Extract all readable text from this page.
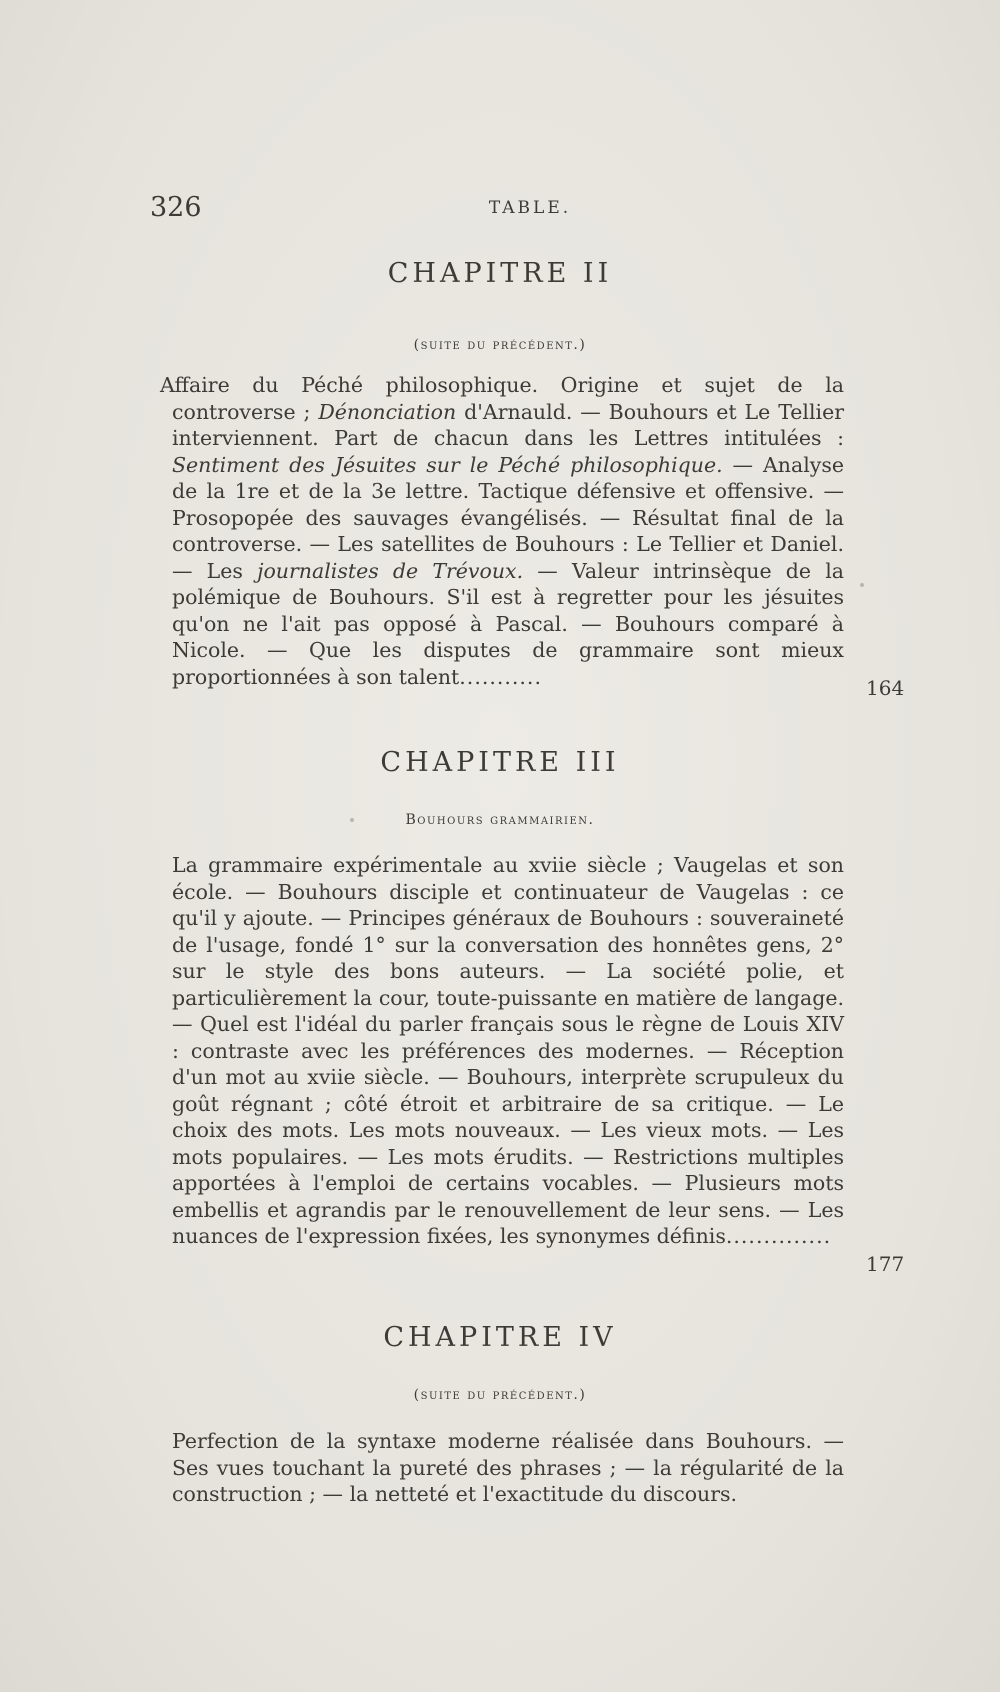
326	TABLE.
CHAPITRE II
(suite du précédent.)

Affaire du Péché philosophique. Origine et sujet de la controverse ; Dénonciation d'Arnauld. — Bouhours et Le Tellier interviennent. Part de chacun dans les Lettres intitulées : Sentiment des Jésuites sur le Péché philosophique. — Analyse de la 1re et de la 3e lettre. Tactique défensive et offensive. — Prosopopée des sauvages évangélisés. — Résultat final de la controverse. — Les satellites de Bouhours : Le Tellier et Daniel. — Les journalistes de Trévoux. — Valeur intrinsèque de la polémique de Bouhours. S'il est à regretter pour les jésuites qu'on ne l'ait pas opposé à Pascal. — Bouhours comparé à Nicole. — Que les disputes de grammaire sont mieux proportionnées à son talent...........	164
CHAPITRE III
Bouhours grammairien.

La grammaire expérimentale au xviie siècle ; Vaugelas et son école. — Bouhours disciple et continuateur de Vaugelas : ce qu'il y ajoute. — Principes généraux de Bouhours : souveraineté de l'usage, fondé 1° sur la conversation des honnêtes gens, 2° sur le style des bons auteurs. — La société polie, et particulièrement la cour, toute-puissante en matière de langage. — Quel est l'idéal du parler français sous le règne de Louis XIV : contraste avec les préférences des modernes. — Réception d'un mot au xviie siècle. — Bouhours, interprète scrupuleux du goût régnant ; côté étroit et arbitraire de sa critique. — Le choix des mots. Les mots nouveaux. — Les vieux mots. — Les mots populaires. — Les mots érudits. — Restrictions multiples apportées à l'emploi de certains vocables. — Plusieurs mots embellis et agrandis par le renouvellement de leur sens. — Les nuances de l'expression fixées, les synonymes définis..............

177
CHAPITRE IV
(suite du précédent.)

Perfection de la syntaxe moderne réalisée dans Bouhours. — Ses vues touchant la pureté des phrases ; — la régularité de la construction ; — la netteté et l'exactitude du discours.
